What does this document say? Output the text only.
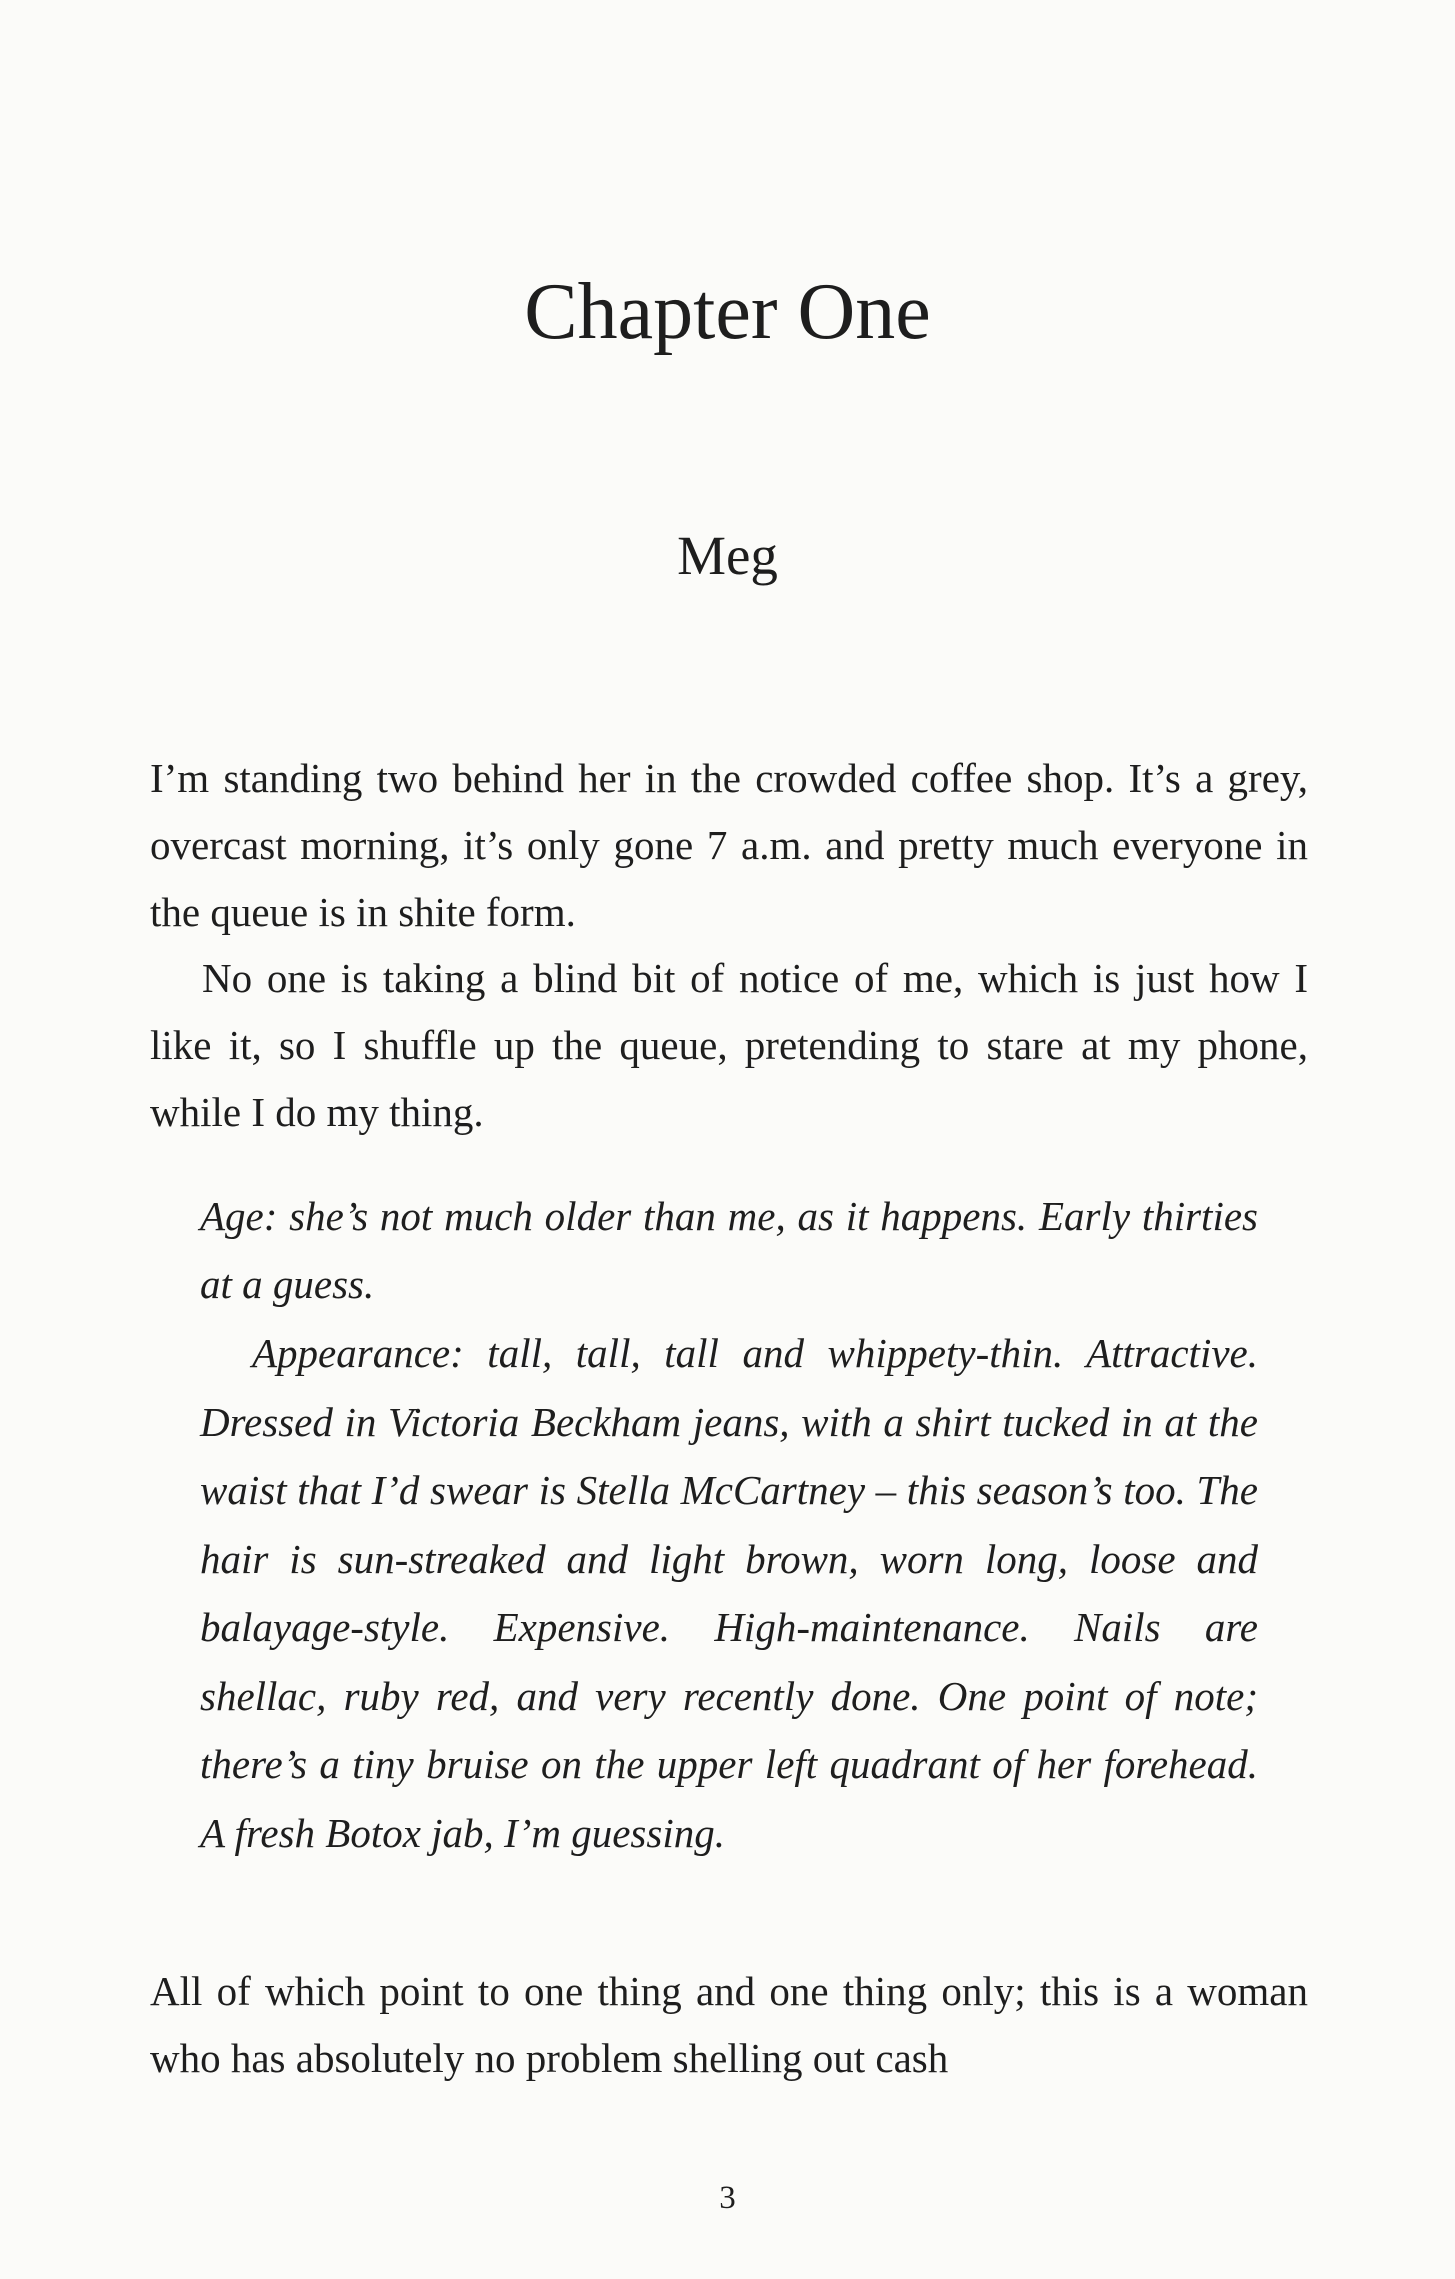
Chapter One
Meg

I’m standing two behind her in the crowded coffee shop. It’s a grey, overcast morning, it’s only gone 7 a.m. and pretty much everyone in the queue is in shite form.

No one is taking a blind bit of notice of me, which is just how I like it, so I shuffle up the queue, pretending to stare at my phone, while I do my thing.

Age: she’s not much older than me, as it happens. Early thirties at a guess.

Appearance: tall, tall, tall and whippety-thin. Attractive. Dressed in Victoria Beckham jeans, with a shirt tucked in at the waist that I’d swear is Stella McCartney – this season’s too. The hair is sun-streaked and light brown, worn long, loose and balayage-style. Expensive. High-maintenance. Nails are shellac, ruby red, and very recently done. One point of note; there’s a tiny bruise on the upper left quadrant of her forehead. A fresh Botox jab, I’m guessing.

All of which point to one thing and one thing only; this is a woman who has absolutely no problem shelling out cash

3
